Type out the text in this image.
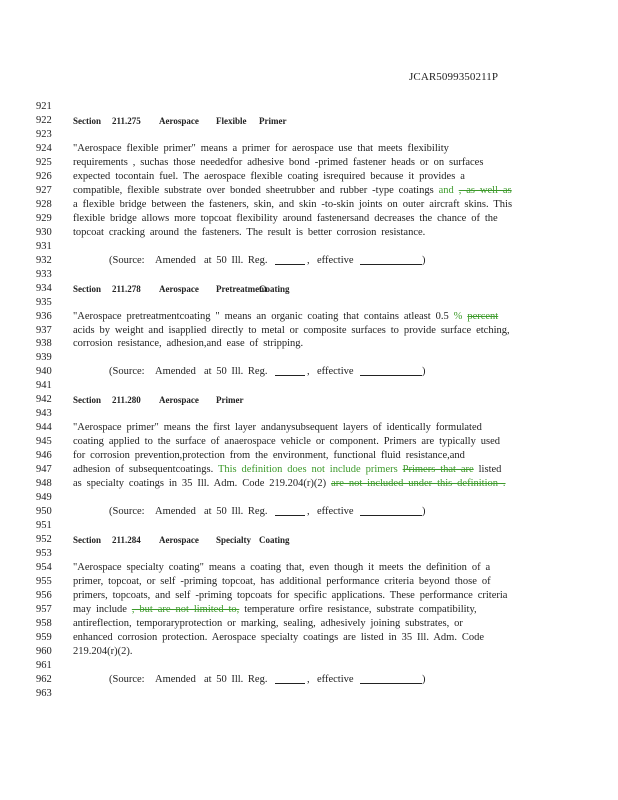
JCAR5099350211P
921
922 Section 211.275 Aerospace Flexible Primer
923
924 "Aerospace flexible primer" means a primer for aerospace use that meets flexibility
925 requirements , suchas those neededfor adhesive bond -primed fastener heads or on surfaces
926 expected tocontain fuel. The aerospace flexible coating isrequired because it provides a
927 compatible, flexible substrate over bonded sheetrubber and rubber -type coatings and , as well as
928 a flexible bridge between the fasteners, skin, and skin -to-skin joints on outer aircraft skins. This
929 flexible bridge allows more topcoat flexibility around fastenersand decreases the chance of the
930 topcoat cracking around the fasteners. The result is better corrosion resistance.
931
932	(Source: Amended at 50 Ill. Reg.	, effective	)
933
934 Section 211.278 Aerospace Pretreatment
Coating
935
936 "Aerospace pretreatmentcoating " means an organic coating that contains atleast 0.5 % percent
937 acids by weight and isapplied directly to metal or composite surfaces to provide surface etching,
938 corrosion resistance, adhesion,and ease of stripping.
939
940	(Source: Amended at 50 Ill. Reg.	, effective	)
941
942 Section 211.280 Aerospace Primer
943
944 "Aerospace primer" means the first layer andanysubsequent layers of identically formulated
945 coating applied to the surface of anaerospace vehicle or component. Primers are typically used
946 for corrosion prevention,protection from the environment, functional fluid resistance,and
947 adhesion of subsequentcoatings. This definition does not include primers Primers that are listed
948 as specialty coatings in 35 Ill. Adm. Code 219.204(r)(2) are not included under this definition .
949
950	(Source: Amended at 50 Ill. Reg.	, effective	)
951
952 Section 211.284 Aerospace Specialty Coating
953
954 "Aerospace specialty coating" means a coating that, even though it meets the definition of a
955 primer, topcoat, or self -priming topcoat, has additional performance criteria beyond those of
956 primers, topcoats, and self -priming topcoats for specific applications. These performance criteria
957 may include , but are not limited to, temperature orfire resistance, substrate compatibility,
958 antireflection, temporaryprotection or marking, sealing, adhesively joining substrates, or
959 enhanced corrosion protection. Aerospace specialty coatings are listed in 35 Ill. Adm. Code
960 219.204(r)(2).
961
962	(Source: Amended at 50 Ill. Reg.	, effective	)
963
